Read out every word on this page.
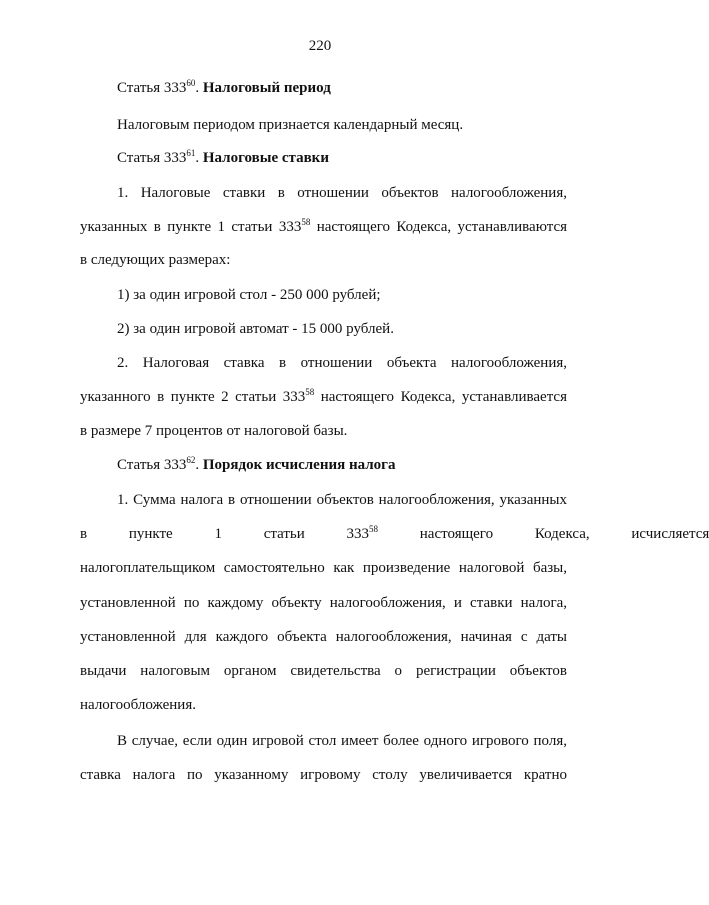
220
Статья $333^{60}$. Налоговый период
Налоговым периодом признается календарный месяц.
Статья $333^{61}$. Налоговые ставки
1. Налоговые ставки в отношении объектов налогообложения,
указанных в пункте 1 статьи $333^{58}$ настоящего Кодекса, устанавливаются
в следующих размерах:
1) за один игровой стол - 250 000 рублей;
2) за один игровой автомат - 15 000 рублей.
2. Налоговая ставка в отношении объекта налогообложения,
указанного в пункте 2 статьи $333^{58}$ настоящего Кодекса, устанавливается
в размере 7 процентов от налоговой базы.
Статья $333^{62}$. Порядок исчисления налога
1. Сумма налога в отношении объектов налогообложения, указанных
в пункте 1 статьи $333^{58}$ настоящего Кодекса, исчисляется
налогоплательщиком самостоятельно как произведение налоговой базы,
установленной по каждому объекту налогообложения, и ставки налога,
установленной для каждого объекта налогообложения, начиная с даты
выдачи налоговым органом свидетельства о регистрации объектов
налогообложения.
В случае, если один игровой стол имеет более одного игрового поля,
ставка налога по указанному игровому столу увеличивается кратно
